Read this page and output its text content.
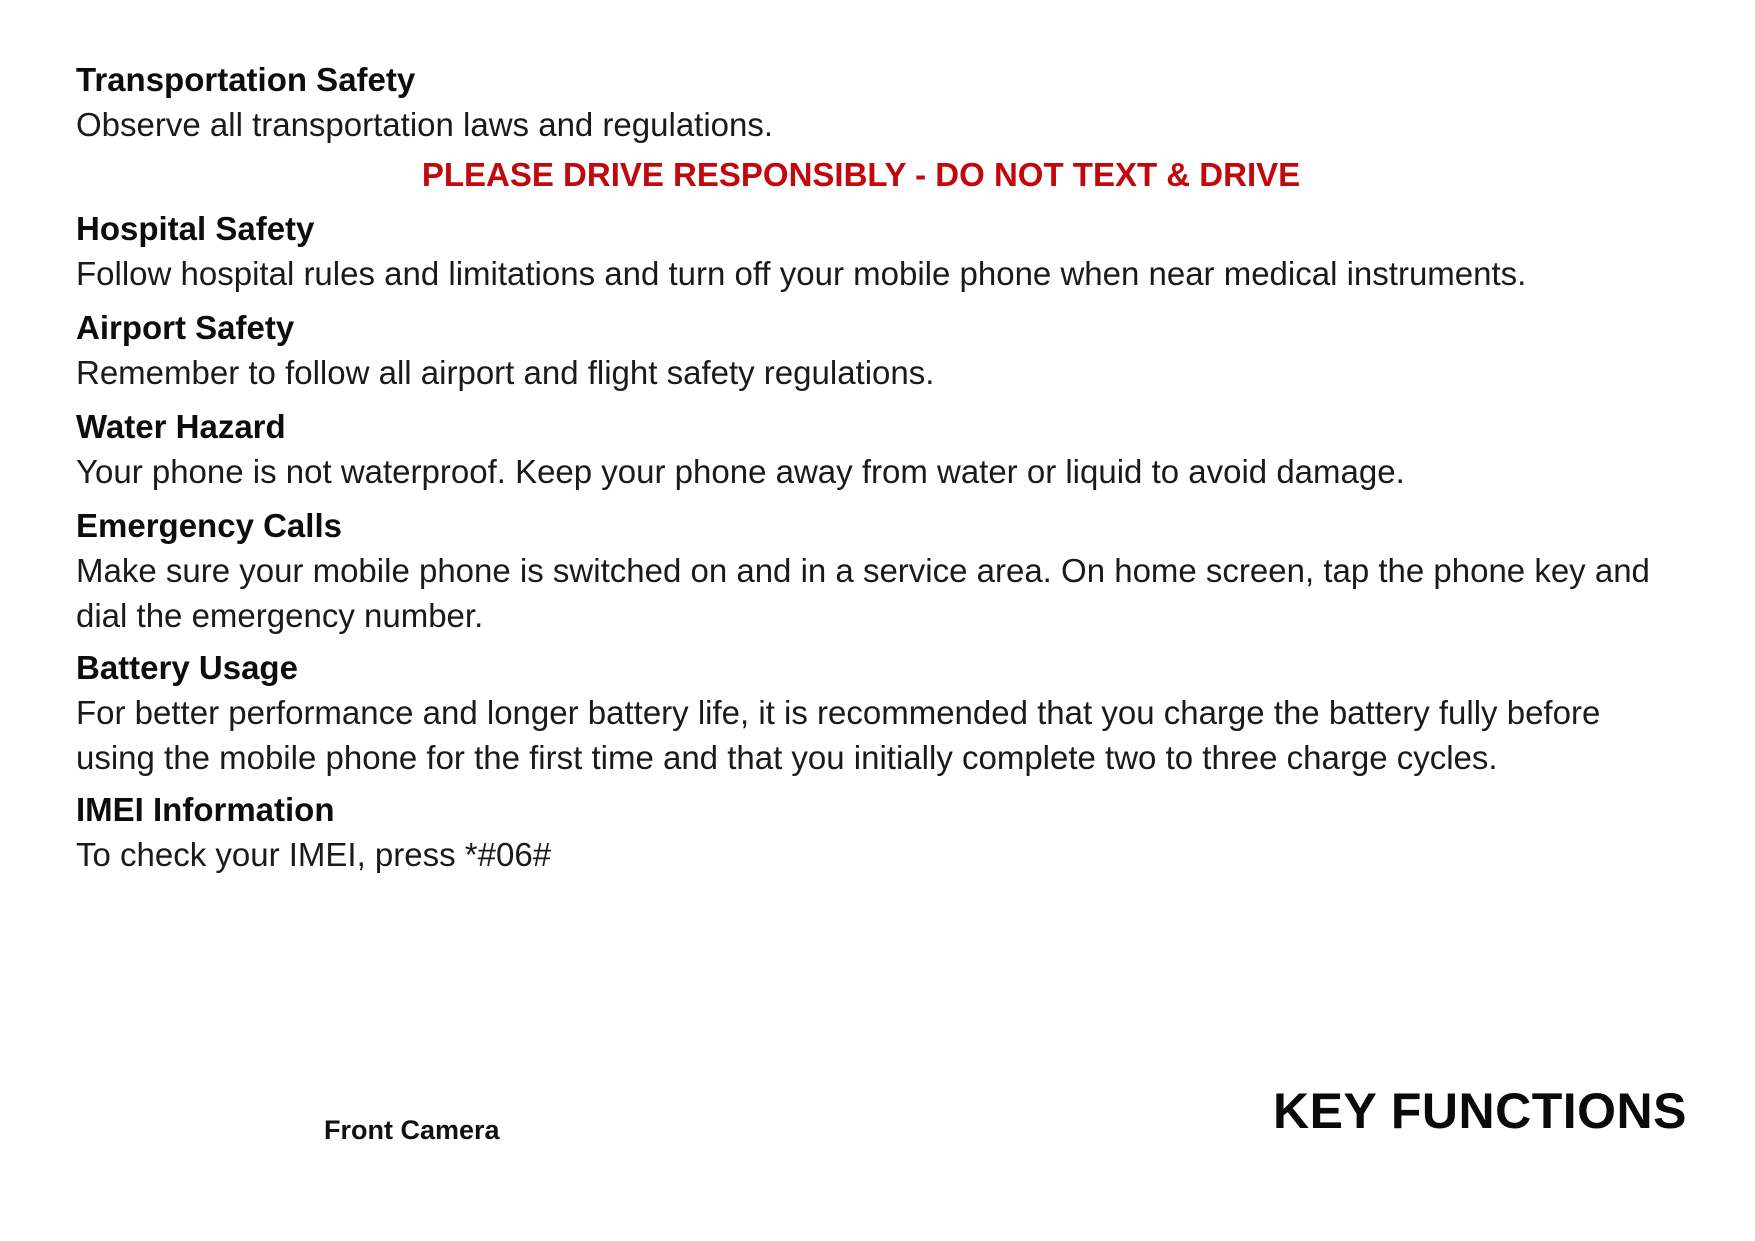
Transportation Safety

Observe all transportation laws and regulations.

PLEASE DRIVE RESPONSIBLY - DO NOT TEXT & DRIVE
Hospital Safety

Follow hospital rules and limitations and turn off your mobile phone when near medical instruments.

Airport Safety

Remember to follow all airport and flight safety regulations.

Water Hazard

Your phone is not waterproof. Keep your phone away from water or liquid to avoid damage.

Emergency Calls

Make sure your mobile phone is switched on and in a service area. On home screen, tap the phone key and dial the emergency number.

Battery Usage

For better performance and longer battery life, it is recommended that you charge the battery fully before using the mobile phone for the first time and that you initially complete two to three charge cycles.

IMEI Information

To check your IMEI, press *#06#

Front Camera	KEY FUNCTIONS
